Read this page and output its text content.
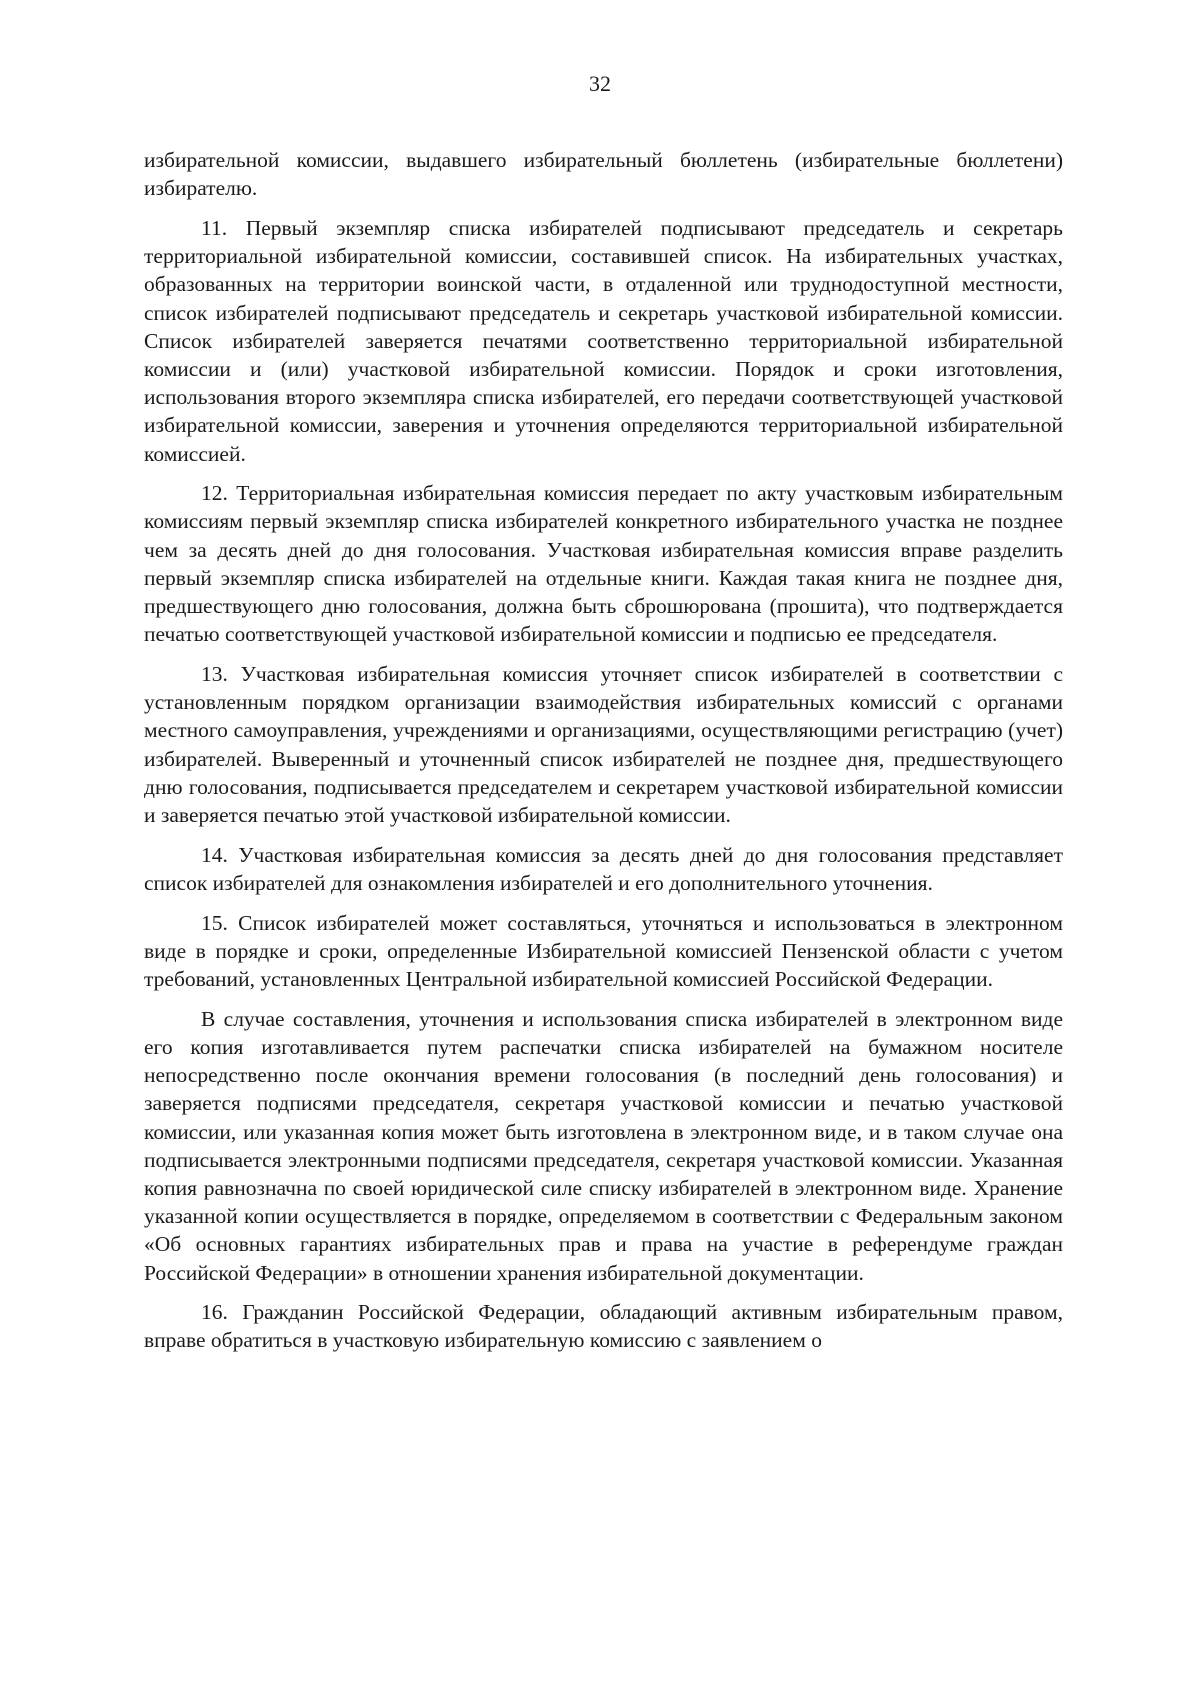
32

избирательной комиссии, выдавшего избирательный бюллетень (избирательные бюллетени) избирателю.

11. Первый экземпляр списка избирателей подписывают председатель и секретарь территориальной избирательной комиссии, составившей список. На избирательных участках, образованных на территории воинской части, в отдаленной или труднодоступной местности, список избирателей подписывают председатель и секретарь участковой избирательной комиссии. Список избирателей заверяется печатями соответственно территориальной избирательной комиссии и (или) участковой избирательной комиссии. Порядок и сроки изготовления, использования второго экземпляра списка избирателей, его передачи соответствующей участковой избирательной комиссии, заверения и уточнения определяются территориальной избирательной комиссией.

12. Территориальная избирательная комиссия передает по акту участковым избирательным комиссиям первый экземпляр списка избирателей конкретного избирательного участка не позднее чем за десять дней до дня голосования. Участковая избирательная комиссия вправе разделить первый экземпляр списка избирателей на отдельные книги. Каждая такая книга не позднее дня, предшествующего дню голосования, должна быть сброшюрована (прошита), что подтверждается печатью соответствующей участковой избирательной комиссии и подписью ее председателя.

13. Участковая избирательная комиссия уточняет список избирателей в соответствии с установленным порядком организации взаимодействия избирательных комиссий с органами местного самоуправления, учреждениями и организациями, осуществляющими регистрацию (учет) избирателей. Выверенный и уточненный список избирателей не позднее дня, предшествующего дню голосования, подписывается председателем и секретарем участковой избирательной комиссии и заверяется печатью этой участковой избирательной комиссии.

14. Участковая избирательная комиссия за десять дней до дня голосования представляет список избирателей для ознакомления избирателей и его дополнительного уточнения.

15. Список избирателей может составляться, уточняться и использоваться в электронном виде в порядке и сроки, определенные Избирательной комиссией Пензенской области с учетом требований, установленных Центральной избирательной комиссией Российской Федерации.

В случае составления, уточнения и использования списка избирателей в электронном виде его копия изготавливается путем распечатки списка избирателей на бумажном носителе непосредственно после окончания времени голосования (в последний день голосования) и заверяется подписями председателя, секретаря участковой комиссии и печатью участковой комиссии, или указанная копия может быть изготовлена в электронном виде, и в таком случае она подписывается электронными подписями председателя, секретаря участковой комиссии. Указанная копия равнозначна по своей юридической силе списку избирателей в электронном виде. Хранение указанной копии осуществляется в порядке, определяемом в соответствии с Федеральным законом «Об основных гарантиях избирательных прав и права на участие в референдуме граждан Российской Федерации» в отношении хранения избирательной документации.

16. Гражданин Российской Федерации, обладающий активным избирательным правом, вправе обратиться в участковую избирательную комиссию с заявлением о
